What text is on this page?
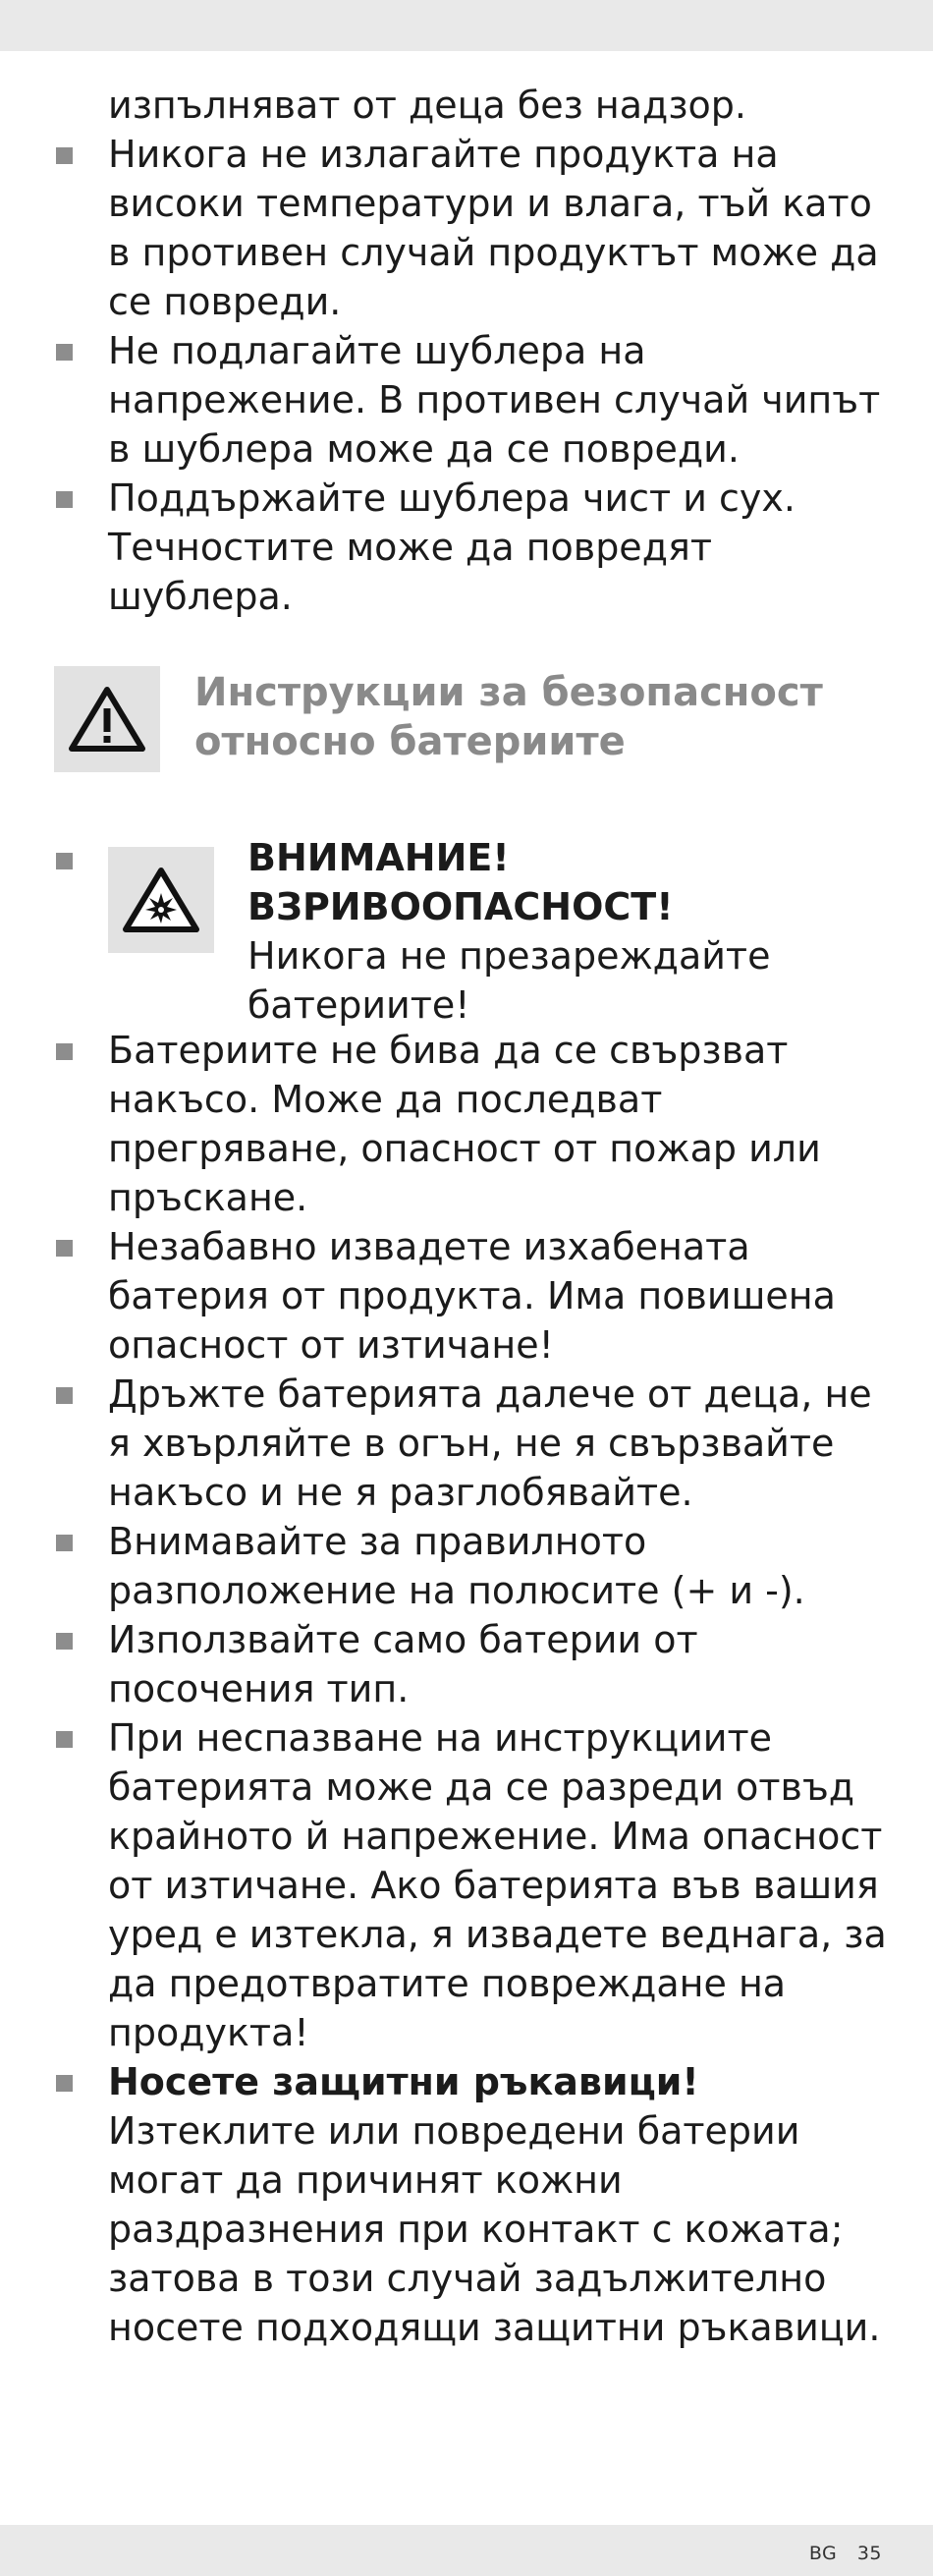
изпълняват от деца без надзор.
Никога не излагайте продукта на високи температури и влага, тъй като в противен случай продуктът може да се повреди.
Не подлагайте шублера на напрежение. В противен случай чипът в шублера може да се повреди.
Поддържайте шублера чист и сух. Течностите може да повредят шублера.
Инструкции за безопасност относно батериите
ВНИМАНИЕ!
ВЗРИВООПАСНОСТ!
Никога не презареждайте батериите!
Батериите не бива да се свързват накъсо. Може да последват прегряване, опасност от пожар или пръскане.
Незабавно извадете изхабената батерия от продукта. Има повишена опасност от изтичане!
Дръжте батерията далече от деца, не я хвърляйте в огън, не я свързвайте накъсо и не я разглобявайте.
Внимавайте за правилното разположение на полюсите (+ и -).
Използвайте само батерии от посочения тип.
При неспазване на инструкциите батерията може да се разреди отвъд крайното й напрежение. Има опасност от изтичане. Ако батерията във вашия уред е изтекла, я извадете веднага, за да предотвратите повреждане на продукта!
Носете защитни ръкавици!
Изтеклите или повредени батерии могат да причинят кожни раздразнения при контакт с кожата; затова в този случай задължително носете подходящи защитни ръкавици.
BG 35
